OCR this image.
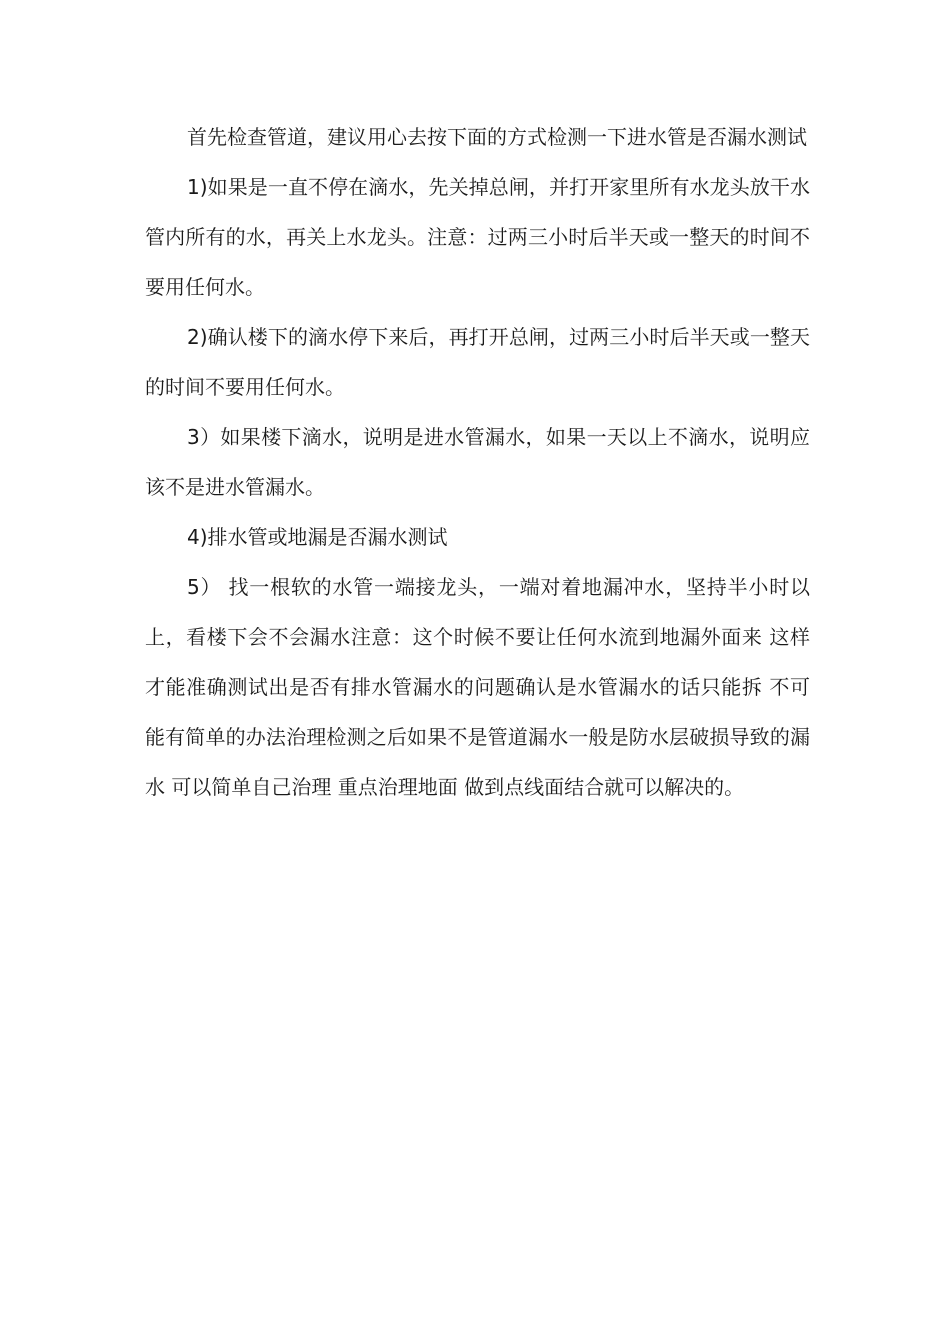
首先检查管道，建议用心去按下面的方式检测一下进水管是否漏水测试

1)如果是一直不停在滴水，先关掉总闸，并打开家里所有水龙头放干水管内所有的水，再关上水龙头。注意：过两三小时后半天或一整天的时间不要用任何水。

2)确认楼下的滴水停下来后，再打开总闸，过两三小时后半天或一整天的时间不要用任何水。

3）如果楼下滴水，说明是进水管漏水，如果一天以上不滴水，说明应该不是进水管漏水。

4)排水管或地漏是否漏水测试

5） 找一根软的水管一端接龙头，一端对着地漏冲水，坚持半小时以上，看楼下会不会漏水注意：这个时候不要让任何水流到地漏外面来 这样才能准确测试出是否有排水管漏水的问题确认是水管漏水的话只能拆 不可能有简单的办法治理检测之后如果不是管道漏水一般是防水层破损导致的漏水 可以简单自己治理 重点治理地面 做到点线面结合就可以解决的。
